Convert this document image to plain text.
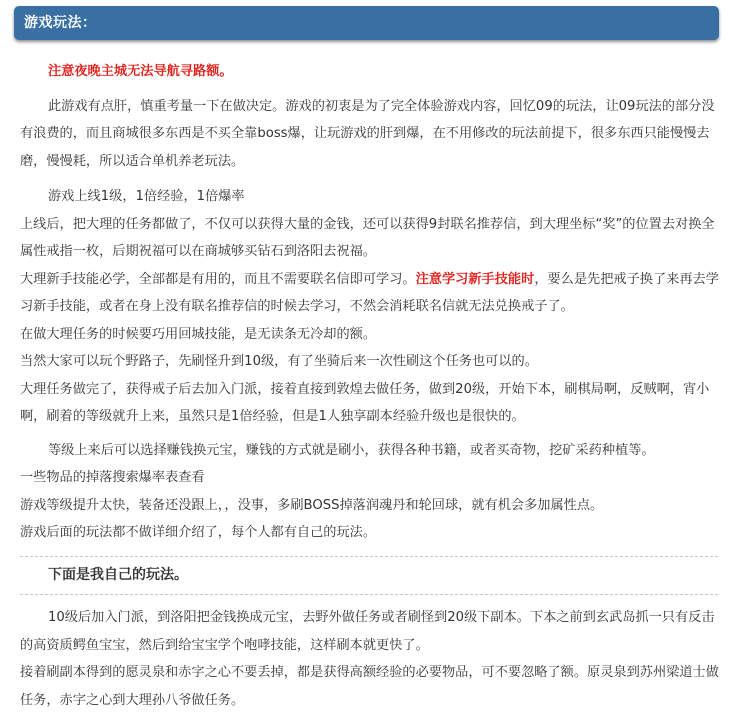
游戏玩法：

注意夜晚主城无法导航寻路额。

此游戏有点肝，慎重考量一下在做决定。游戏的初衷是为了完全体验游戏内容，回忆09的玩法，让09玩法的部分没有浪费的，而且商城很多东西是不买全靠boss爆，让玩游戏的肝到爆，在不用修改的玩法前提下，很多东西只能慢慢去磨，慢慢耗，所以适合单机养老玩法。

游戏上线1级，1倍经验，1倍爆率

上线后，把大理的任务都做了，不仅可以获得大量的金钱，还可以获得9封联名推荐信，到大理坐标“奖”的位置去对换全属性戒指一枚，后期祝福可以在商城够买钻石到洛阳去祝福。

大理新手技能必学，全部都是有用的，而且不需要联名信即可学习。注意学习新手技能时，要么是先把戒子换了来再去学习新手技能，或者在身上没有联名推荐信的时候去学习，不然会消耗联名信就无法兑换戒子了。

在做大理任务的时候要巧用回城技能，是无读条无冷却的额。

当然大家可以玩个野路子，先刷怪升到10级，有了坐骑后来一次性刷这个任务也可以的。

大理任务做完了，获得戒子后去加入门派，接着直接到敦煌去做任务，做到20级，开始下本，刷棋局啊，反贼啊，宵小啊，刷着的等级就升上来，虽然只是1倍经验，但是1人独享副本经验升级也是很快的。

等级上来后可以选择赚钱换元宝，赚钱的方式就是刷小，获得各种书籍，或者买奇物，挖矿采药种植等。

一些物品的掉落搜索爆率表查看

游戏等级提升太快，装备还没跟上，，没事，多刷BOSS掉落润魂丹和轮回球，就有机会多加属性点。

游戏后面的玩法都不做详细介绍了，每个人都有自己的玩法。

下面是我自己的玩法。

10级后加入门派，到洛阳把金钱换成元宝，去野外做任务或者刷怪到20级下副本。下本之前到玄武岛抓一只有反击的高资质鳄鱼宝宝，然后到给宝宝学个咆哮技能，这样刷本就更快了。

接着刷副本得到的愿灵泉和赤字之心不要丢掉，都是获得高额经验的必要物品，可不要忽略了额。原灵泉到苏州梁道士做任务，赤字之心到大理孙八爷做任务。
